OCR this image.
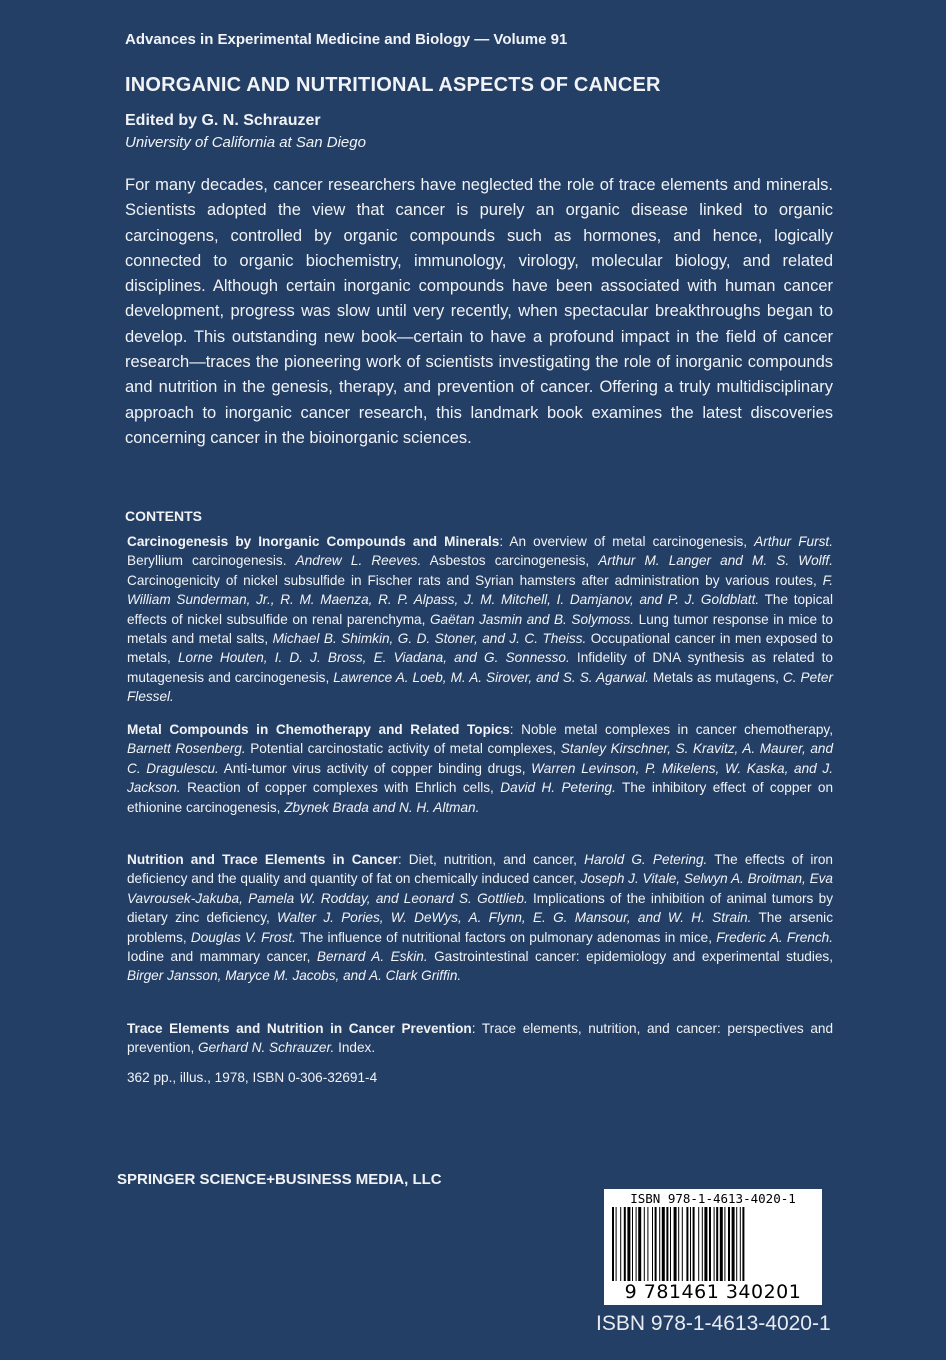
Advances in Experimental Medicine and Biology — Volume 91
INORGANIC AND NUTRITIONAL ASPECTS OF CANCER
Edited by G. N. Schrauzer
University of California at San Diego

For many decades, cancer researchers have neglected the role of trace elements and minerals. Scientists adopted the view that cancer is purely an organic disease linked to organic carcinogens, controlled by organic compounds such as hormones, and hence, logically connected to organic biochemistry, immunology, virology, molecular biology, and related disciplines. Although certain inorganic compounds have been associated with human cancer development, progress was slow until very recently, when spectacular breakthroughs began to develop. This outstanding new book—certain to have a profound impact in the field of cancer research—traces the pioneering work of scientists investigating the role of inorganic compounds and nutrition in the genesis, therapy, and prevention of cancer. Offering a truly multidisciplinary approach to inorganic cancer research, this landmark book examines the latest discoveries concerning cancer in the bioinorganic sciences.

CONTENTS

Carcinogenesis by Inorganic Compounds and Minerals: An overview of metal carcinogenesis, Arthur Furst. Beryllium carcinogenesis. Andrew L. Reeves. Asbestos carcinogenesis, Arthur M. Langer and M. S. Wolff. Carcinogenicity of nickel subsulfide in Fischer rats and Syrian hamsters after administration by various routes, F. William Sunderman, Jr., R. M. Maenza, R. P. Alpass, J. M. Mitchell, I. Damjanov, and P. J. Goldblatt. The topical effects of nickel subsulfide on renal parenchyma, Gaëtan Jasmin and B. Solymoss. Lung tumor response in mice to metals and metal salts, Michael B. Shimkin, G. D. Stoner, and J. C. Theiss. Occupational cancer in men exposed to metals, Lorne Houten, I. D. J. Bross, E. Viadana, and G. Sonnesso. Infidelity of DNA synthesis as related to mutagenesis and carcinogenesis, Lawrence A. Loeb, M. A. Sirover, and S. S. Agarwal. Metals as mutagens, C. Peter Flessel.

Metal Compounds in Chemotherapy and Related Topics: Noble metal complexes in cancer chemotherapy, Barnett Rosenberg. Potential carcinostatic activity of metal complexes, Stanley Kirschner, S. Kravitz, A. Maurer, and C. Dragulescu. Anti-tumor virus activity of copper binding drugs, Warren Levinson, P. Mikelens, W. Kaska, and J. Jackson. Reaction of copper complexes with Ehrlich cells, David H. Petering. The inhibitory effect of copper on ethionine carcinogenesis, Zbynek Brada and N. H. Altman.

Nutrition and Trace Elements in Cancer: Diet, nutrition, and cancer, Harold G. Petering. The effects of iron deficiency and the quality and quantity of fat on chemically induced cancer, Joseph J. Vitale, Selwyn A. Broitman, Eva Vavrousek-Jakuba, Pamela W. Rodday, and Leonard S. Gottlieb. Implications of the inhibition of animal tumors by dietary zinc deficiency, Walter J. Pories, W. DeWys, A. Flynn, E. G. Mansour, and W. H. Strain. The arsenic problems, Douglas V. Frost. The influence of nutritional factors on pulmonary adenomas in mice, Frederic A. French. Iodine and mammary cancer, Bernard A. Eskin. Gastrointestinal cancer: epidemiology and experimental studies, Birger Jansson, Maryce M. Jacobs, and A. Clark Griffin.

Trace Elements and Nutrition in Cancer Prevention: Trace elements, nutrition, and cancer: perspectives and prevention, Gerhard N. Schrauzer. Index.

362 pp., illus., 1978, ISBN 0-306-32691-4
SPRINGER SCIENCE+BUSINESS MEDIA, LLC
ISBN 978-1-4613-4020-1
9 781461 340201
ISBN 978-1-4613-4020-1
